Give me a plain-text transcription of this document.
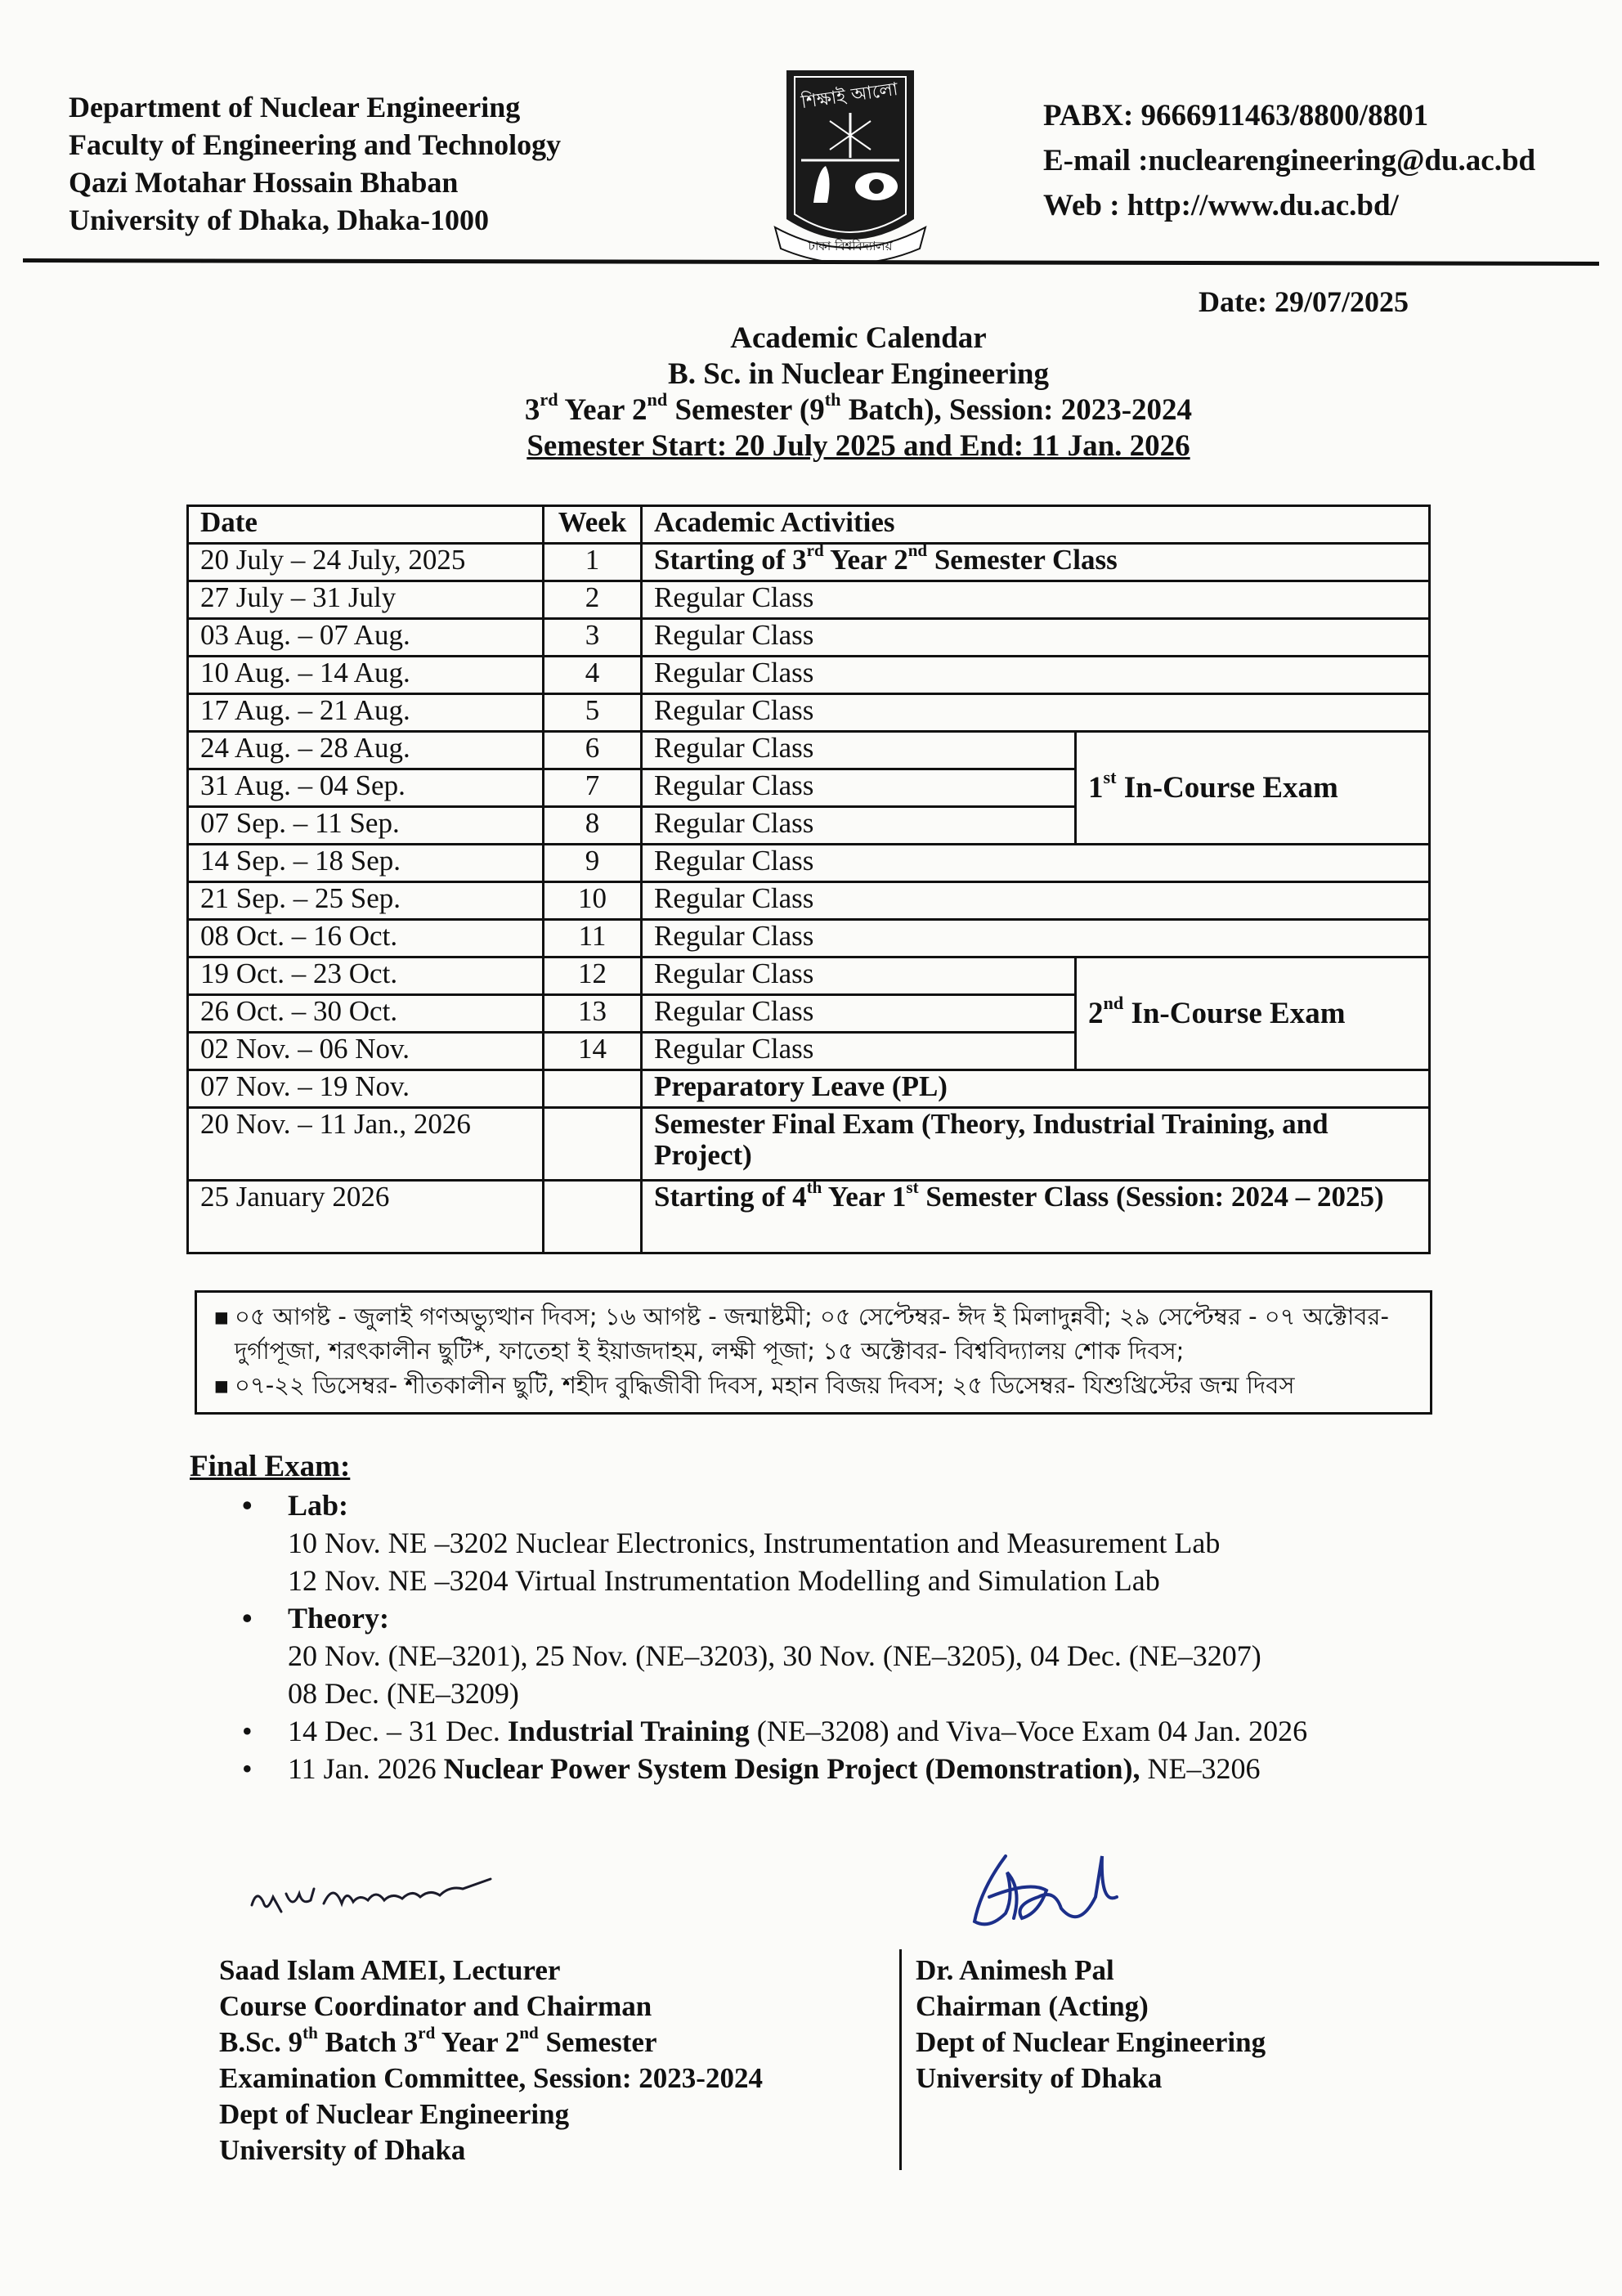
Department of Nuclear Engineering
Faculty of Engineering and Technology
Qazi Motahar Hossain Bhaban
University of Dhaka, Dhaka-1000
শিক্ষাই আলো
ঢাকা বিশ্ববিদ্যালয়
PABX: 9666911463/8800/8801
E-mail :nuclearengineering@du.ac.bd
Web : http://www.du.ac.bd/
Date: 29/07/2025
Academic Calendar
B. Sc. in Nuclear Engineering
3rd Year 2nd Semester (9th Batch), Session: 2023-2024
Semester Start: 20 July 2025 and End: 11 Jan. 2026
Date	Week	Academic Activities	
20 July – 24 July, 2025	1	Starting of 3rd Year 2nd Semester Class	
27 July – 31 July	2	Regular Class	
03 Aug. – 07 Aug.	3	Regular Class	
10 Aug. – 14 Aug.	4	Regular Class	
17 Aug. – 21 Aug.	5	Regular Class	
24 Aug. – 28 Aug.	6	Regular Class	1st In-Course Exam
31 Aug. – 04 Sep.	7	Regular Class	
07 Sep. – 11 Sep.	8	Regular Class	
14 Sep. – 18 Sep.	9	Regular Class	
21 Sep. – 25 Sep.	10	Regular Class	
08 Oct. – 16 Oct.	11	Regular Class	
19 Oct. – 23 Oct.	12	Regular Class	2nd In-Course Exam
26 Oct. – 30 Oct.	13	Regular Class	
02 Nov. – 06 Nov.	14	Regular Class	
07 Nov. – 19 Nov.		Preparatory Leave (PL)	
20 Nov. – 11 Jan., 2026		Semester Final Exam (Theory, Industrial Training, and Project)	
25 January 2026		Starting of 4th Year 1st Semester Class (Session: 2024 – 2025)	
▪ ০৫ আগষ্ট - জুলাই গণঅভ্যুত্থান দিবস; ১৬ আগষ্ট - জন্মাষ্টমী; ০৫ সেপ্টেম্বর- ঈদ ই মিলাদুন্নবী; ২৯ সেপ্টেম্বর - ০৭ অক্টোবর- দুর্গাপূজা, শরৎকালীন ছুটি*, ফাতেহা ই ইয়াজদাহম, লক্ষী পূজা; ১৫ অক্টোবর- বিশ্ববিদ্যালয় শোক দিবস;
▪ ০৭-২২ ডিসেম্বর- শীতকালীন ছুটি, শহীদ বুদ্ধিজীবী দিবস, মহান বিজয় দিবস; ২৫ ডিসেম্বর- যিশুখ্রিস্টের জন্ম দিবস
Final Exam:
• Lab:
10 Nov. NE –3202 Nuclear Electronics, Instrumentation and Measurement Lab
12 Nov. NE –3204 Virtual Instrumentation Modelling and Simulation Lab
• Theory:
20 Nov. (NE–3201), 25 Nov. (NE–3203), 30 Nov. (NE–3205), 04 Dec. (NE–3207)
08 Dec. (NE–3209)
• 14 Dec. – 31 Dec. Industrial Training (NE–3208) and Viva–Voce Exam 04 Jan. 2026
• 11 Jan. 2026 Nuclear Power System Design Project (Demonstration), NE–3206
Saad Islam AMEI, Lecturer
Course Coordinator and Chairman
B.Sc. 9th Batch 3rd Year 2nd Semester
Examination Committee, Session: 2023-2024
Dept of Nuclear Engineering
University of Dhaka
Dr. Animesh Pal
Chairman (Acting)
Dept of Nuclear Engineering
University of Dhaka
